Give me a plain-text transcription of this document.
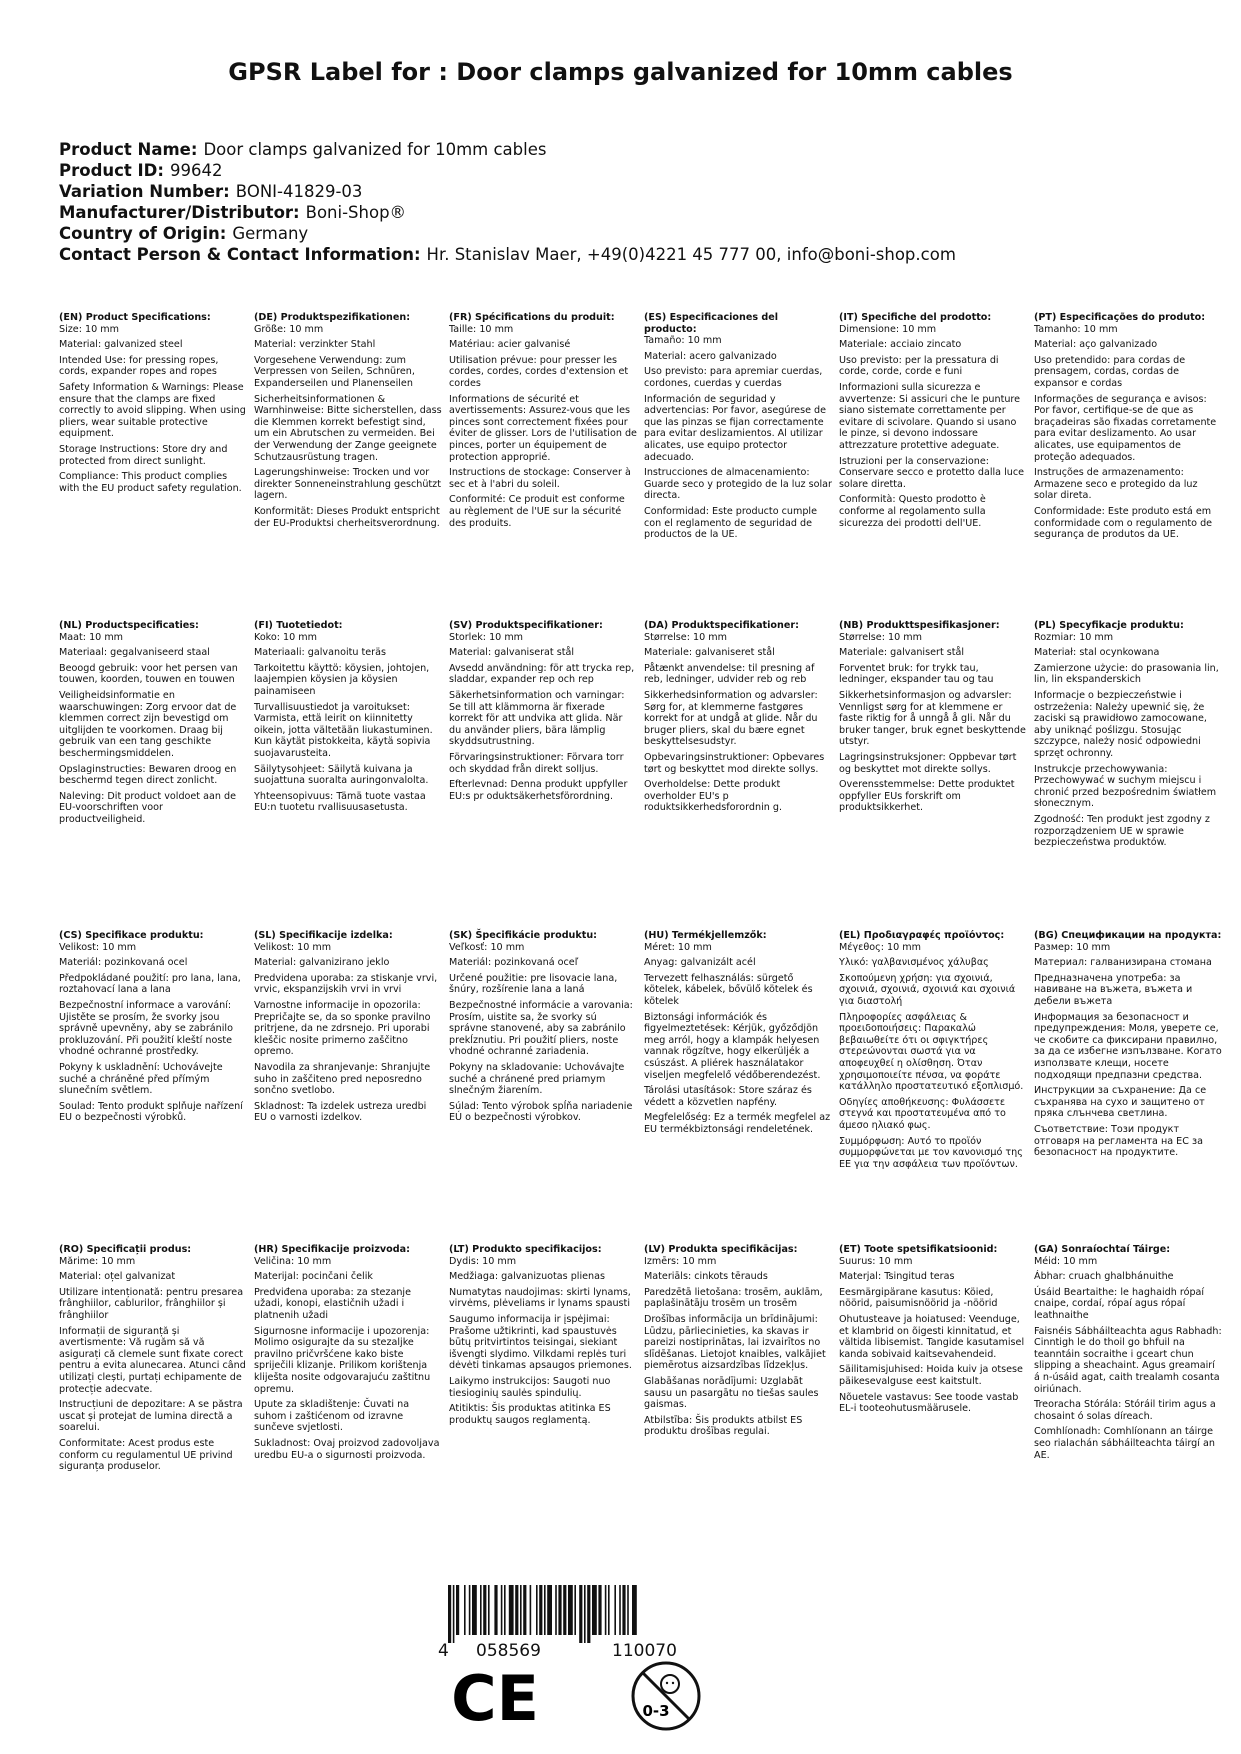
GPSR Label for : Door clamps galvanized for 10mm cables
Product Name: Door clamps galvanized for 10mm cables
Product ID: 99642
Variation Number: BONI-41829-03
Manufacturer/Distributor: Boni-Shop®
Country of Origin: Germany
Contact Person & Contact Information: Hr. Stanislav Maer, +49(0)4221 45 777 00, info@boni-shop.com
(EN) Product Specifications:
Size: 10 mm
Material: galvanized steel
Intended Use: for pressing ropes, cords, expander ropes and ropes
Safety Information & Warnings: Please ensure that the clamps are fixed correctly to avoid slipping. When using pliers, wear suitable protective equipment.
Storage Instructions: Store dry and protected from direct sunlight.
Compliance: This product complies with the EU product safety regulation.
(DE) Produktspezifikationen:
Größe: 10 mm
Material: verzinkter Stahl
Vorgesehene Verwendung: zum Verpressen von Seilen, Schnüren, Expanderseilen und Planenseilen
Sicherheitsinformationen & Warnhinweise: Bitte sicherstellen, dass die Klemmen korrekt befestigt sind, um ein Abrutschen zu vermeiden. Bei der Verwendung der Zange geeignete Schutzausrüstung tragen.
Lagerungshinweise: Trocken und vor direkter Sonneneinstrahlung geschützt lagern.
Konformität: Dieses Produkt entspricht der EU-Produktsi cherheitsverordnung.
(FR) Spécifications du produit:
Taille: 10 mm
Matériau: acier galvanisé
Utilisation prévue: pour presser les cordes, cordes, cordes d'extension et cordes
Informations de sécurité et avertissements: Assurez-vous que les pinces sont correctement fixées pour éviter de glisser. Lors de l'utilisation de pinces, porter un équipement de protection approprié.
Instructions de stockage: Conserver à sec et à l'abri du soleil.
Conformité: Ce produit est conforme au règlement de l'UE sur la sécurité des produits.
(ES) Especificaciones del producto:
Tamaño: 10 mm
Material: acero galvanizado
Uso previsto: para apremiar cuerdas, cordones, cuerdas y cuerdas
Información de seguridad y advertencias: Por favor, asegúrese de que las pinzas se fijan correctamente para evitar deslizamientos. Al utilizar alicates, use equipo protector adecuado.
Instrucciones de almacenamiento: Guarde seco y protegido de la luz solar directa.
Conformidad: Este producto cumple con el reglamento de seguridad de productos de la UE.
(IT) Specifiche del prodotto:
Dimensione: 10 mm
Materiale: acciaio zincato
Uso previsto: per la pressatura di corde, corde, corde e funi
Informazioni sulla sicurezza e avvertenze: Si assicuri che le punture siano sistemate correttamente per evitare di scivolare. Quando si usano le pinze, si devono indossare attrezzature protettive adeguate.
Istruzioni per la conservazione: Conservare secco e protetto dalla luce solare diretta.
Conformità: Questo prodotto è conforme al regolamento sulla sicurezza dei prodotti dell'UE.
(PT) Especificações do produto:
Tamanho: 10 mm
Material: aço galvanizado
Uso pretendido: para cordas de prensagem, cordas, cordas de expansor e cordas
Informações de segurança e avisos: Por favor, certifique-se de que as braçadeiras são fixadas corretamente para evitar deslizamento. Ao usar alicates, use equipamentos de proteção adequados.
Instruções de armazenamento: Armazene seco e protegido da luz solar direta.
Conformidade: Este produto está em conformidade com o regulamento de segurança de produtos da UE.
(NL) Productspecificaties:
Maat: 10 mm
Materiaal: gegalvaniseerd staal
Beoogd gebruik: voor het persen van touwen, koorden, touwen en touwen
Veiligheidsinformatie en waarschuwingen: Zorg ervoor dat de klemmen correct zijn bevestigd om uitglijden te voorkomen. Draag bij gebruik van een tang geschikte beschermingsmiddelen.
Opslaginstructies: Bewaren droog en beschermd tegen direct zonlicht.
Naleving: Dit product voldoet aan de EU-voorschriften voor productveiligheid.
(FI) Tuotetiedot:
Koko: 10 mm
Materiaali: galvanoitu teräs
Tarkoitettu käyttö: köysien, johtojen, laajempien köysien ja köysien painamiseen
Turvallisuustiedot ja varoitukset: Varmista, että leirit on kiinnitetty oikein, jotta vältetään liukastuminen. Kun käytät pistokkeita, käytä sopivia suojavarusteita.
Säilytysohjeet: Säilytä kuivana ja suojattuna suoralta auringonvalolta.
Yhteensopivuus: Tämä tuote vastaa EU:n tuotetu rvallisuusasetusta.
(SV) Produktspecifikationer:
Storlek: 10 mm
Material: galvaniserat stål
Avsedd användning: för att trycka rep, sladdar, expander rep och rep
Säkerhetsinformation och varningar: Se till att klämmorna är fixerade korrekt för att undvika att glida. När du använder pliers, bära lämplig skyddsutrustning.
Förvaringsinstruktioner: Förvara torr och skyddad från direkt solljus.
Efterlevnad: Denna produkt uppfyller EU:s pr oduktsäkerhetsförordning.
(DA) Produktspecifikationer:
Størrelse: 10 mm
Materiale: galvaniseret stål
Påtænkt anvendelse: til presning af reb, ledninger, udvider reb og reb
Sikkerhedsinformation og advarsler: Sørg for, at klemmerne fastgøres korrekt for at undgå at glide. Når du bruger pliers, skal du bære egnet beskyttelsesudstyr.
Opbevaringsinstruktioner: Opbevares tørt og beskyttet mod direkte sollys.
Overholdelse: Dette produkt overholder EU's p roduktsikkerhedsforordnin g.
(NB) Produkttspesifikasjoner:
Størrelse: 10 mm
Materiale: galvanisert stål
Forventet bruk: for trykk tau, ledninger, ekspander tau og tau
Sikkerhetsinformasjon og advarsler: Vennligst sørg for at klemmene er faste riktig for å unngå å gli. Når du bruker tanger, bruk egnet beskyttende utstyr.
Lagringsinstruksjoner: Oppbevar tørt og beskyttet mot direkte sollys.
Overensstemmelse: Dette produktet oppfyller EUs forskrift om produktsikkerhet.
(PL) Specyfikacje produktu:
Rozmiar: 10 mm
Materiał: stal ocynkowana
Zamierzone użycie: do prasowania lin, lin, lin ekspanderskich
Informacje o bezpieczeństwie i ostrzeżenia: Należy upewnić się, że zaciski są prawidłowo zamocowane, aby uniknąć poślizgu. Stosując szczypce, należy nosić odpowiedni sprzęt ochronny.
Instrukcje przechowywania: Przechowywać w suchym miejscu i chronić przed bezpośrednim światłem słonecznym.
Zgodność: Ten produkt jest zgodny z rozporządzeniem UE w sprawie bezpieczeństwa produktów.
(CS) Specifikace produktu:
Velikost: 10 mm
Materiál: pozinkovaná ocel
Předpokládané použití: pro lana, lana, roztahovací lana a lana
Bezpečnostní informace a varování: Ujistěte se prosím, že svorky jsou správně upevněny, aby se zabránilo prokluzování. Při použití kleští noste vhodné ochranné prostředky.
Pokyny k uskladnění: Uchovávejte suché a chráněné před přímým slunečním světlem.
Soulad: Tento produkt splňuje nařízení EU o bezpečnosti výrobků.
(SL) Specifikacije izdelka:
Velikost: 10 mm
Material: galvanizirano jeklo
Predvidena uporaba: za stiskanje vrvi, vrvic, ekspanzijskih vrvi in vrvi
Varnostne informacije in opozorila: Prepričajte se, da so sponke pravilno pritrjene, da ne zdrsnejo. Pri uporabi kleščic nosite primerno zaščitno opremo.
Navodila za shranjevanje: Shranjujte suho in zaščiteno pred neposredno sončno svetlobo.
Skladnost: Ta izdelek ustreza uredbi EU o varnosti izdelkov.
(SK) Špecifikácie produktu:
Veľkosť: 10 mm
Materiál: pozinkovaná oceľ
Určené použitie: pre lisovacie lana, šnúry, rozšírenie lana a laná
Bezpečnostné informácie a varovania: Prosím, uistite sa, že svorky sú správne stanovené, aby sa zabránilo prekĺznutiu. Pri použití pliers, noste vhodné ochranné zariadenia.
Pokyny na skladovanie: Uchovávajte suché a chránené pred priamym slnečným žiarením.
Súlad: Tento výrobok spĺňa nariadenie EÚ o bezpečnosti výrobkov.
(HU) Termékjellemzők:
Méret: 10 mm
Anyag: galvanizált acél
Tervezett felhasználás: sürgető kötelek, kábelek, bővülő kötelek és kötelek
Biztonsági információk és figyelmeztetések: Kérjük, győződjön meg arról, hogy a klampák helyesen vannak rögzítve, hogy elkerüljék a csúszást. A pliérek használatakor viseljen megfelelő védőberendezést.
Tárolási utasítások: Store száraz és védett a közvetlen napfény.
Megfelelőség: Ez a termék megfelel az EU termékbiztonsági rendeletének.
(EL) Προδιαγραφές προϊόντος:
Μέγεθος: 10 mm
Υλικό: γαλβανισμένος χάλυβας
Σκοπούμενη χρήση: για σχοινιά, σχοινιά, σχοινιά, σχοινιά και σχοινιά για διαστολή
Πληροφορίες ασφάλειας & προειδοποιήσεις: Παρακαλώ βεβαιωθείτε ότι οι σφιγκτήρες στερεώνονται σωστά για να αποφευχθεί η ολίσθηση. Όταν χρησιμοποιείτε πένσα, να φοράτε κατάλληλο προστατευτικό εξοπλισμό.
Οδηγίες αποθήκευσης: Φυλάσσετε στεγνά και προστατευμένα από το άμεσο ηλιακό φως.
Συμμόρφωση: Αυτό το προϊόν συμμορφώνεται με τον κανονισμό της ΕΕ για την ασφάλεια των προϊόντων.
(BG) Спецификации на продукта:
Размер: 10 mm
Материал: галванизирана стомана
Предназначена употреба: за навиване на въжета, въжета и дебели въжета
Информация за безопасност и предупреждения: Моля, уверете се, че скобите са фиксирани правилно, за да се избегне изпълзване. Когато използвате клещи, носете подходящи предпазни средства.
Инструкции за съхранение: Да се съхранява на сухо и защитено от пряка слънчева светлина.
Съответствие: Този продукт отговаря на регламента на ЕС за безопасност на продуктите.
(RO) Specificații produs:
Mărime: 10 mm
Material: oțel galvanizat
Utilizare intenționată: pentru presarea frânghiilor, cablurilor, frânghiilor și frânghiilor
Informații de siguranță și avertismente: Vă rugăm să vă asigurați că clemele sunt fixate corect pentru a evita alunecarea. Atunci când utilizați clești, purtați echipamente de protecție adecvate.
Instrucțiuni de depozitare: A se păstra uscat și protejat de lumina directă a soarelui.
Conformitate: Acest produs este conform cu regulamentul UE privind siguranța produselor.
(HR) Specifikacije proizvoda:
Veličina: 10 mm
Materijal: pocinčani čelik
Predviđena uporaba: za stezanje užadi, konopi, elastičnih užadi i platnenih užadi
Sigurnosne informacije i upozorenja: Molimo osigurajte da su stezaljke pravilno pričvršćene kako biste spriječili klizanje. Prilikom korištenja kliješta nosite odgovarajuću zaštitnu opremu.
Upute za skladištenje: Čuvati na suhom i zaštićenom od izravne sunčeve svjetlosti.
Sukladnost: Ovaj proizvod zadovoljava uredbu EU-a o sigurnosti proizvoda.
(LT) Produkto specifikacijos:
Dydis: 10 mm
Medžiaga: galvanizuotas plienas
Numatytas naudojimas: skirti lynams, virvėms, plėveliams ir lynams spausti
Saugumo informacija ir įspėjimai: Prašome užtikrinti, kad spaustuvės būtų pritvirtintos teisingai, siekiant išvengti slydimo. Vilkdami replės turi dėvėti tinkamas apsaugos priemones.
Laikymo instrukcijos: Saugoti nuo tiesioginių saulės spindulių.
Atitiktis: Šis produktas atitinka ES produktų saugos reglamentą.
(LV) Produkta specifikācijas:
Izmērs: 10 mm
Materiāls: cinkots tērauds
Paredzētā lietošana: trosēm, auklām, paplašinātāju trosēm un trosēm
Drošības informācija un brīdinājumi: Lūdzu, pārliecinieties, ka skavas ir pareizi nostiprinātas, lai izvairītos no slīdēšanas. Lietojot knaibles, valkājiet piemērotus aizsardzības līdzekļus.
Glabāšanas norādījumi: Uzglabāt sausu un pasargātu no tiešas saules gaismas.
Atbilstība: Šis produkts atbilst ES produktu drošības regulai.
(ET) Toote spetsifikatsioonid:
Suurus: 10 mm
Materjal: Tsingitud teras
Eesmärgipärane kasutus: Köied, nöörid, paisumisnöörid ja -nöörid
Ohutusteave ja hoiatused: Veenduge, et klambrid on õigesti kinnitatud, et vältida libisemist. Tangide kasutamisel kanda sobivaid kaitsevahendeid.
Säilitamisjuhised: Hoida kuiv ja otsese päikesevalguse eest kaitstult.
Nõuetele vastavus: See toode vastab EL-i tooteohutusmäärusele.
(GA) Sonraíochtaí Táirge:
Méid: 10 mm
Ábhar: cruach ghalbhánuithe
Úsáid Beartaithe: le haghaidh rópaí cnaipe, cordaí, rópaí agus rópaí leathnaithe
Faisnéis Sábháilteachta agus Rabhadh: Cinntigh le do thoil go bhfuil na teanntáin socraithe i gceart chun slipping a sheachaint. Agus greamairí á n-úsáid agat, caith trealamh cosanta oiriúnach.
Treoracha Stórála: Stóráil tirim agus a chosaint ó solas díreach.
Comhlíonadh: Comhlíonann an táirge seo rialachán sábháilteachta táirgí an AE.
4 058569	110070
CE	0-3
